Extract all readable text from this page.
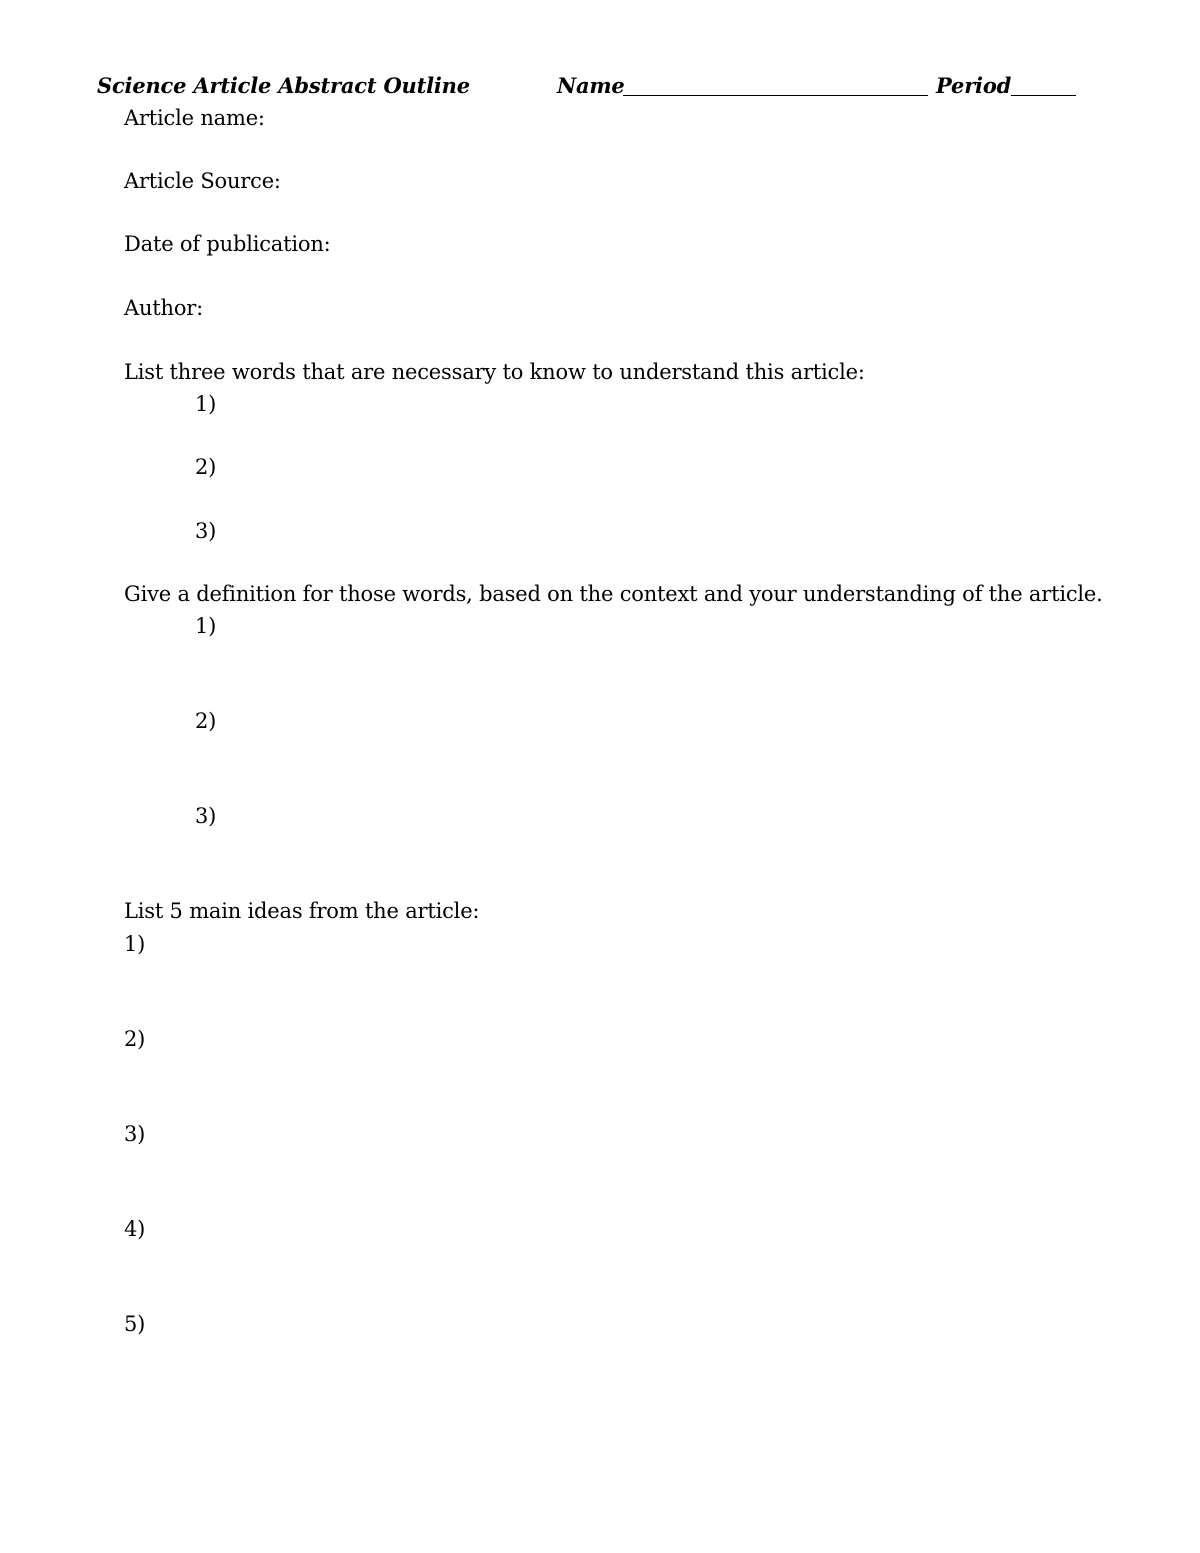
Science Article Abstract Outline	Name	Period
Article name:
Article Source:
Date of publication:
Author:
List three words that are necessary to know to understand this article:
1)
2)
3)
Give a definition for those words, based on the context and your understanding of the article.
1)
2)
3)
List 5 main ideas from the article:
1)
2)
3)
4)
5)
